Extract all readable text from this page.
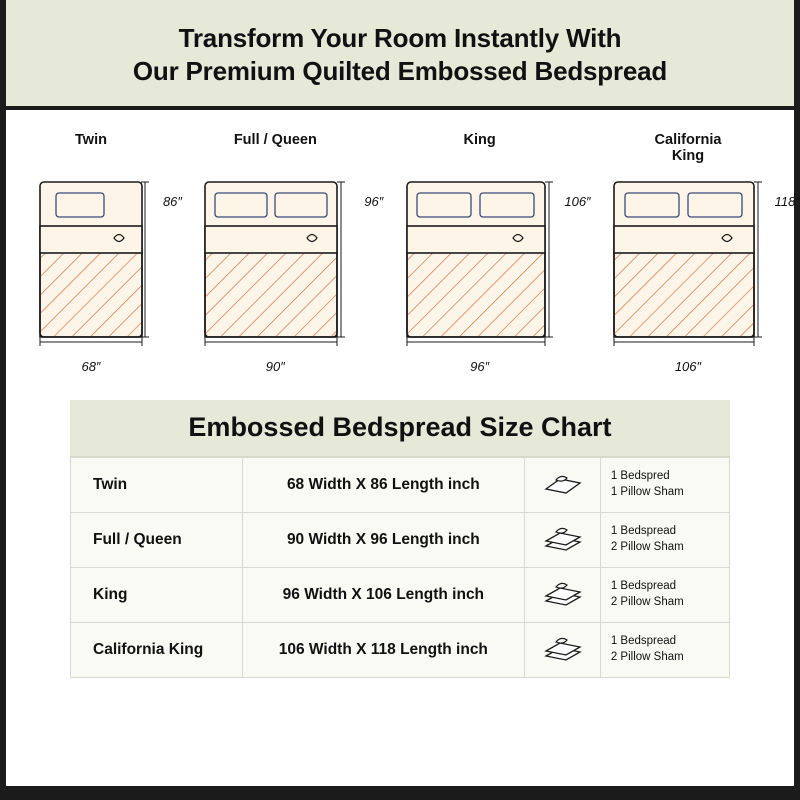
Transform Your Room Instantly With
Our Premium Quilted Embossed Bedspread
Twin
86″
68″
Full / Queen
96″
90″
King
106″
96″
California
King
118″
106″
Embossed Bedspread Size Chart
Twin	68 Width X 86 Length inch		1 Bedspred
1 Pillow Sham

Full / Queen	90 Width X 96 Length inch		1 Bedspread
2 Pillow Sham

King	96 Width X 106 Length inch		1 Bedspread
2 Pillow Sham

California King	106 Width X 118 Length inch		1 Bedspread
2 Pillow Sham
